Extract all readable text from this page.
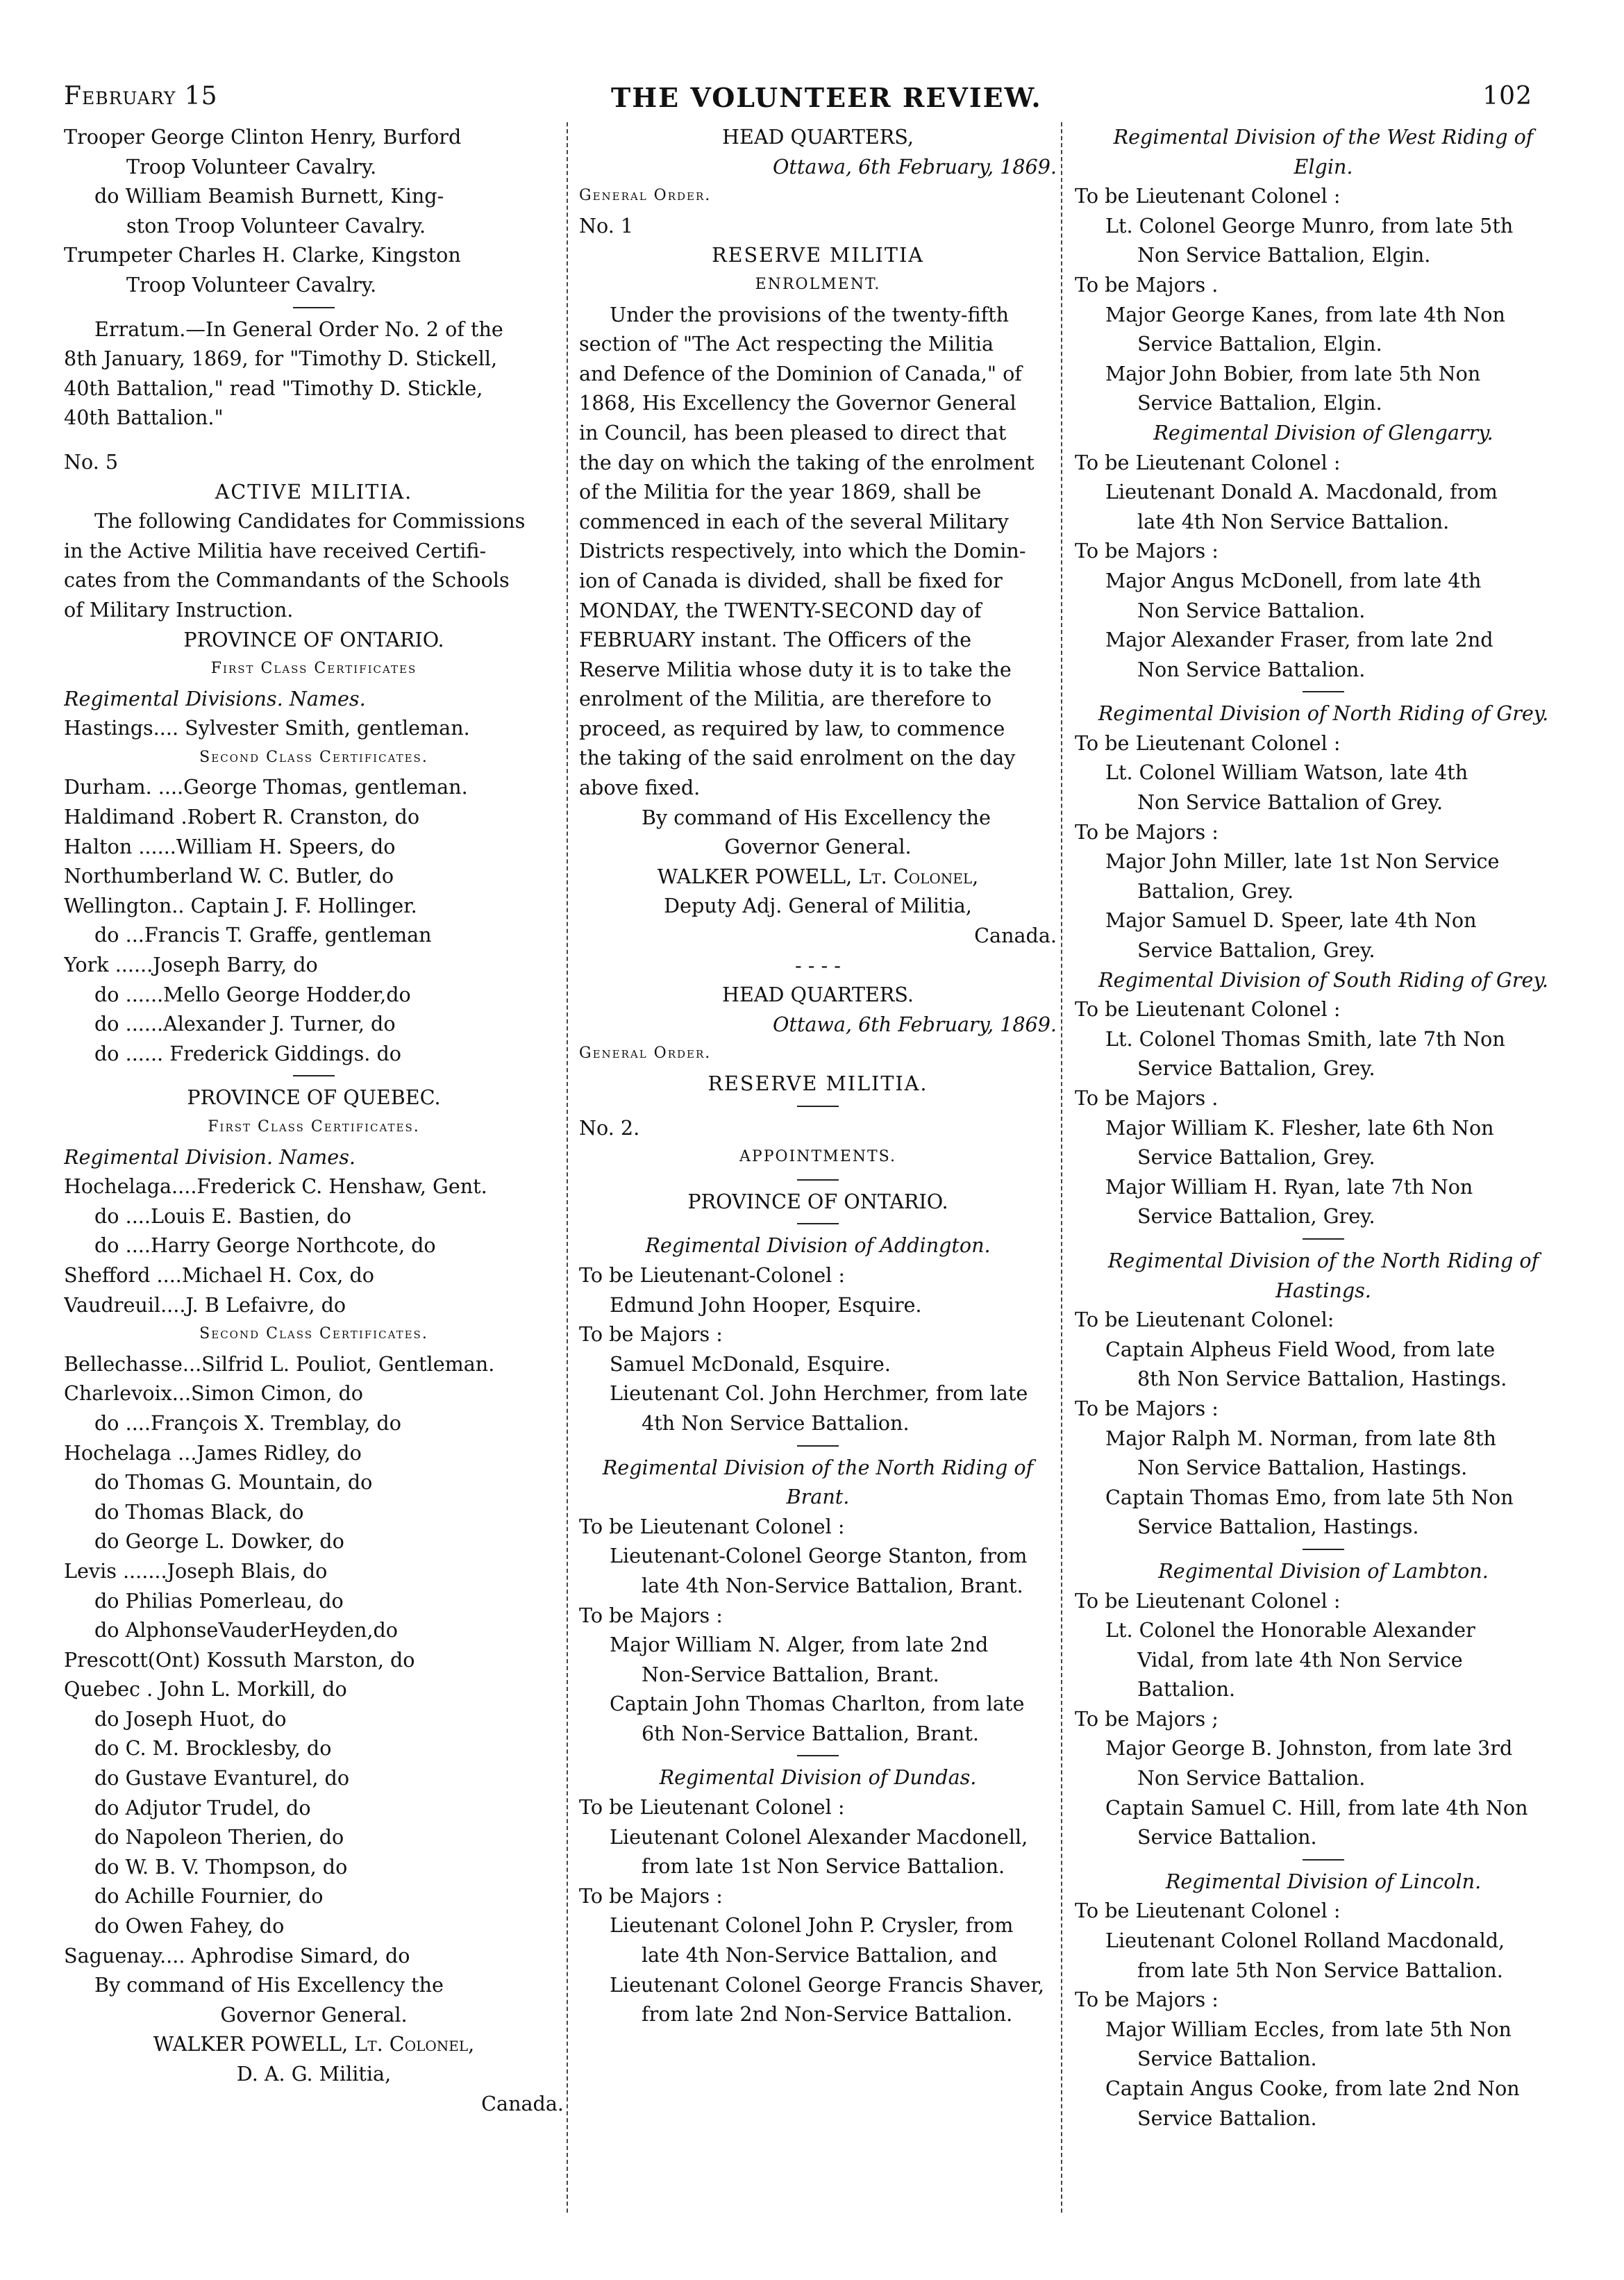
February 15	THE VOLUNTEER REVIEW.	102
Trooper George Clinton Henry, Burford
Troop Volunteer Cavalry.
do William Beamish Burnett, King-
ston Troop Volunteer Cavalry.
Trumpeter Charles H. Clarke, Kingston
Troop Volunteer Cavalry.
Erratum.—In General Order No. 2 of the
8th January, 1869, for "Timothy D. Stickell,
40th Battalion," read "Timothy D. Stickle,
40th Battalion."
No. 5
ACTIVE MILITIA.
The following Candidates for Commissions
in the Active Militia have received Certifi-
cates from the Commandants of the Schools
of Military Instruction.
PROVINCE OF ONTARIO.
First Class Certificates
Regimental Divisions. Names.
Hastings.... Sylvester Smith, gentleman.
Second Class Certificates.
Durham. ....George Thomas, gentleman.
Haldimand .Robert R. Cranston, do
Halton ......William H. Speers, do
Northumberland W. C. Butler, do
Wellington.. Captain J. F. Hollinger.
do ...Francis T. Graffe, gentleman
York ......Joseph Barry, do
do ......Mello George Hodder,do
do ......Alexander J. Turner, do
do ...... Frederick Giddings. do
PROVINCE OF QUEBEC.
First Class Certificates.
Regimental Division. Names.
Hochelaga....Frederick C. Henshaw, Gent.
do ....Louis E. Bastien, do
do ....Harry George Northcote, do
Shefford ....Michael H. Cox, do
Vaudreuil....J. B Lefaivre, do
Second Class Certificates.
Bellechasse...Silfrid L. Pouliot, Gentleman.
Charlevoix...Simon Cimon, do
do ....François X. Tremblay, do
Hochelaga ...James Ridley, do
do Thomas G. Mountain, do
do Thomas Black, do
do George L. Dowker, do
Levis .......Joseph Blais, do
do Philias Pomerleau, do
do AlphonseVauderHeyden,do
Prescott(Ont) Kossuth Marston, do
Quebec . John L. Morkill, do
do Joseph Huot, do
do C. M. Brocklesby, do
do Gustave Evanturel, do
do Adjutor Trudel, do
do Napoleon Therien, do
do W. B. V. Thompson, do
do Achille Fournier, do
do Owen Fahey, do
Saguenay.... Aphrodise Simard, do
By command of His Excellency the
Governor General.
WALKER POWELL, Lt. Colonel,
D. A. G. Militia,
Canada.
HEAD QUARTERS,
Ottawa, 6th February, 1869.
General Order.
No. 1
RESERVE MILITIA
ENROLMENT.
Under the provisions of the twenty-fifth
section of "The Act respecting the Militia
and Defence of the Dominion of Canada," of
1868, His Excellency the Governor General
in Council, has been pleased to direct that
the day on which the taking of the enrolment
of the Militia for the year 1869, shall be
commenced in each of the several Military
Districts respectively, into which the Domin-
ion of Canada is divided, shall be fixed for
MONDAY, the TWENTY-SECOND day of
FEBRUARY instant. The Officers of the
Reserve Militia whose duty it is to take the
enrolment of the Militia, are therefore to
proceed, as required by law, to commence
the taking of the said enrolment on the day
above fixed.
By command of His Excellency the
Governor General.
WALKER POWELL, Lt. Colonel,
Deputy Adj. General of Militia,
Canada.
- - - -
HEAD QUARTERS.
Ottawa, 6th February, 1869.
General Order.
RESERVE MILITIA.
No. 2.
APPOINTMENTS.
PROVINCE OF ONTARIO.
Regimental Division of Addington.
To be Lieutenant-Colonel :
Edmund John Hooper, Esquire.
To be Majors :
Samuel McDonald, Esquire.
Lieutenant Col. John Herchmer, from late
4th Non Service Battalion.
Regimental Division of the North Riding of
Brant.
To be Lieutenant Colonel :
Lieutenant-Colonel George Stanton, from
late 4th Non-Service Battalion, Brant.
To be Majors :
Major William N. Alger, from late 2nd
Non-Service Battalion, Brant.
Captain John Thomas Charlton, from late
6th Non-Service Battalion, Brant.
Regimental Division of Dundas.
To be Lieutenant Colonel :
Lieutenant Colonel Alexander Macdonell,
from late 1st Non Service Battalion.
To be Majors :
Lieutenant Colonel John P. Crysler, from
late 4th Non-Service Battalion, and
Lieutenant Colonel George Francis Shaver,
from late 2nd Non-Service Battalion.
Regimental Division of the West Riding of
Elgin.
To be Lieutenant Colonel :
Lt. Colonel George Munro, from late 5th
Non Service Battalion, Elgin.
To be Majors .
Major George Kanes, from late 4th Non
Service Battalion, Elgin.
Major John Bobier, from late 5th Non
Service Battalion, Elgin.
Regimental Division of Glengarry.
To be Lieutenant Colonel :
Lieutenant Donald A. Macdonald, from
late 4th Non Service Battalion.
To be Majors :
Major Angus McDonell, from late 4th
Non Service Battalion.
Major Alexander Fraser, from late 2nd
Non Service Battalion.
Regimental Division of North Riding of Grey.
To be Lieutenant Colonel :
Lt. Colonel William Watson, late 4th
Non Service Battalion of Grey.
To be Majors :
Major John Miller, late 1st Non Service
Battalion, Grey.
Major Samuel D. Speer, late 4th Non
Service Battalion, Grey.
Regimental Division of South Riding of Grey.
To be Lieutenant Colonel :
Lt. Colonel Thomas Smith, late 7th Non
Service Battalion, Grey.
To be Majors .
Major William K. Flesher, late 6th Non
Service Battalion, Grey.
Major William H. Ryan, late 7th Non
Service Battalion, Grey.
Regimental Division of the North Riding of
Hastings.
To be Lieutenant Colonel:
Captain Alpheus Field Wood, from late
8th Non Service Battalion, Hastings.
To be Majors :
Major Ralph M. Norman, from late 8th
Non Service Battalion, Hastings.
Captain Thomas Emo, from late 5th Non
Service Battalion, Hastings.
Regimental Division of Lambton.
To be Lieutenant Colonel :
Lt. Colonel the Honorable Alexander
Vidal, from late 4th Non Service
Battalion.
To be Majors ;
Major George B. Johnston, from late 3rd
Non Service Battalion.
Captain Samuel C. Hill, from late 4th Non
Service Battalion.
Regimental Division of Lincoln.
To be Lieutenant Colonel :
Lieutenant Colonel Rolland Macdonald,
from late 5th Non Service Battalion.
To be Majors :
Major William Eccles, from late 5th Non
Service Battalion.
Captain Angus Cooke, from late 2nd Non
Service Battalion.
